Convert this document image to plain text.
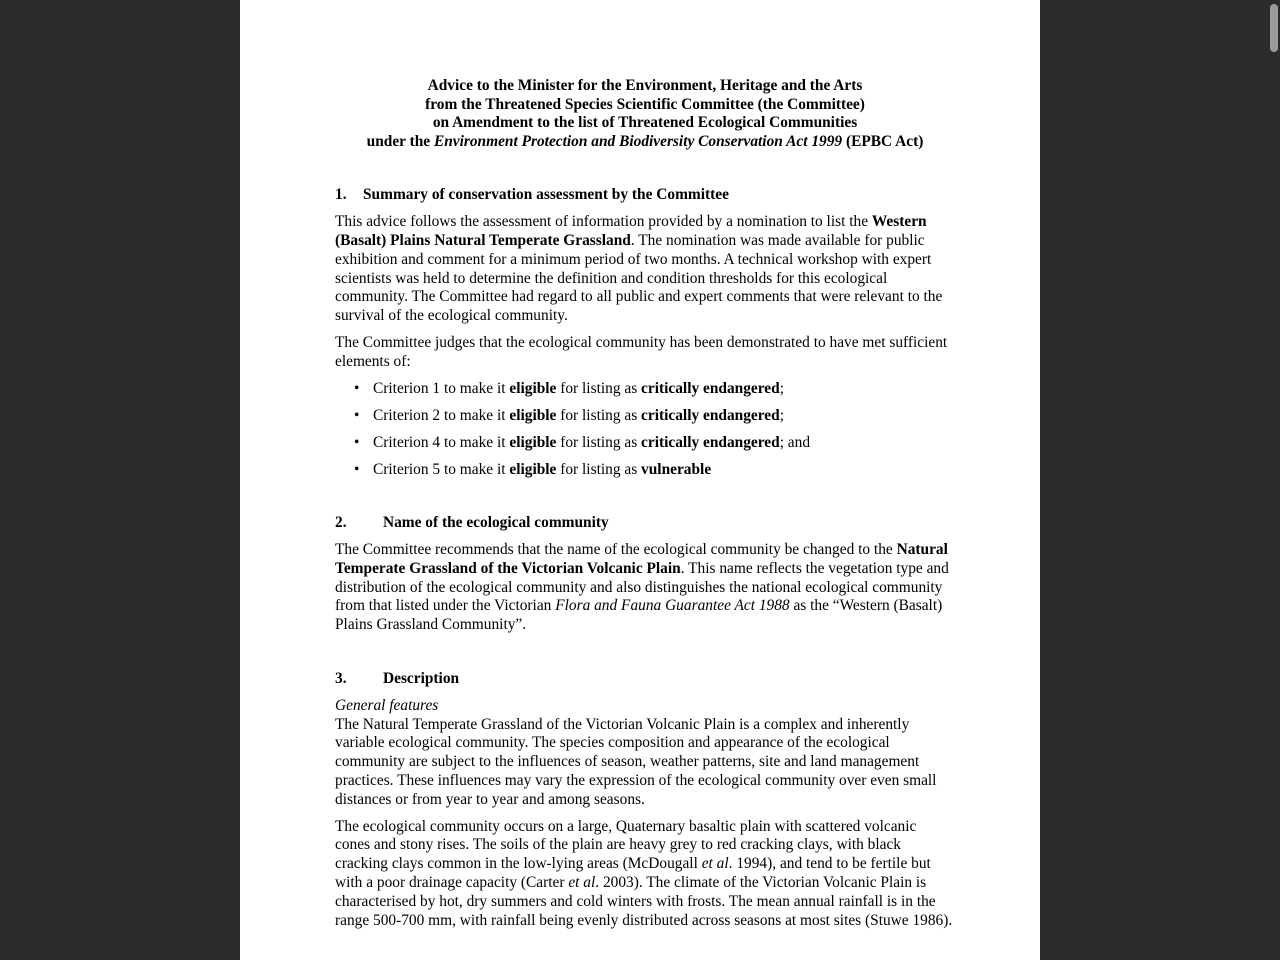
Advice to the Minister for the Environment, Heritage and the Arts
from the Threatened Species Scientific Committee (the Committee)
on Amendment to the list of Threatened Ecological Communities
under the Environment Protection and Biodiversity Conservation Act 1999 (EPBC Act)
1.	Summary of conservation assessment by the Committee

This advice follows the assessment of information provided by a nomination to list the Western (Basalt) Plains Natural Temperate Grassland. The nomination was made available for public exhibition and comment for a minimum period of two months. A technical workshop with expert scientists was held to determine the definition and condition thresholds for this ecological community. The Committee had regard to all public and expert comments that were relevant to the survival of the ecological community.

The Committee judges that the ecological community has been demonstrated to have met sufficient elements of:

• Criterion 1 to make it eligible for listing as critically endangered;
• Criterion 2 to make it eligible for listing as critically endangered;
• Criterion 4 to make it eligible for listing as critically endangered; and
• Criterion 5 to make it eligible for listing as vulnerable
2.	Name of the ecological community

The Committee recommends that the name of the ecological community be changed to the Natural Temperate Grassland of the Victorian Volcanic Plain. This name reflects the vegetation type and distribution of the ecological community and also distinguishes the national ecological community from that listed under the Victorian Flora and Fauna Guarantee Act 1988 as the “Western (Basalt) Plains Grassland Community”.

3.	Description
General features

The Natural Temperate Grassland of the Victorian Volcanic Plain is a complex and inherently variable ecological community. The species composition and appearance of the ecological community are subject to the influences of season, weather patterns, site and land management practices. These influences may vary the expression of the ecological community over even small distances or from year to year and among seasons.

The ecological community occurs on a large, Quaternary basaltic plain with scattered volcanic cones and stony rises. The soils of the plain are heavy grey to red cracking clays, with black cracking clays common in the low-lying areas (McDougall et al. 1994), and tend to be fertile but with a poor drainage capacity (Carter et al. 2003). The climate of the Victorian Volcanic Plain is characterised by hot, dry summers and cold winters with frosts. The mean annual rainfall is in the range 500-700 mm, with rainfall being evenly distributed across seasons at most sites (Stuwe 1986).
